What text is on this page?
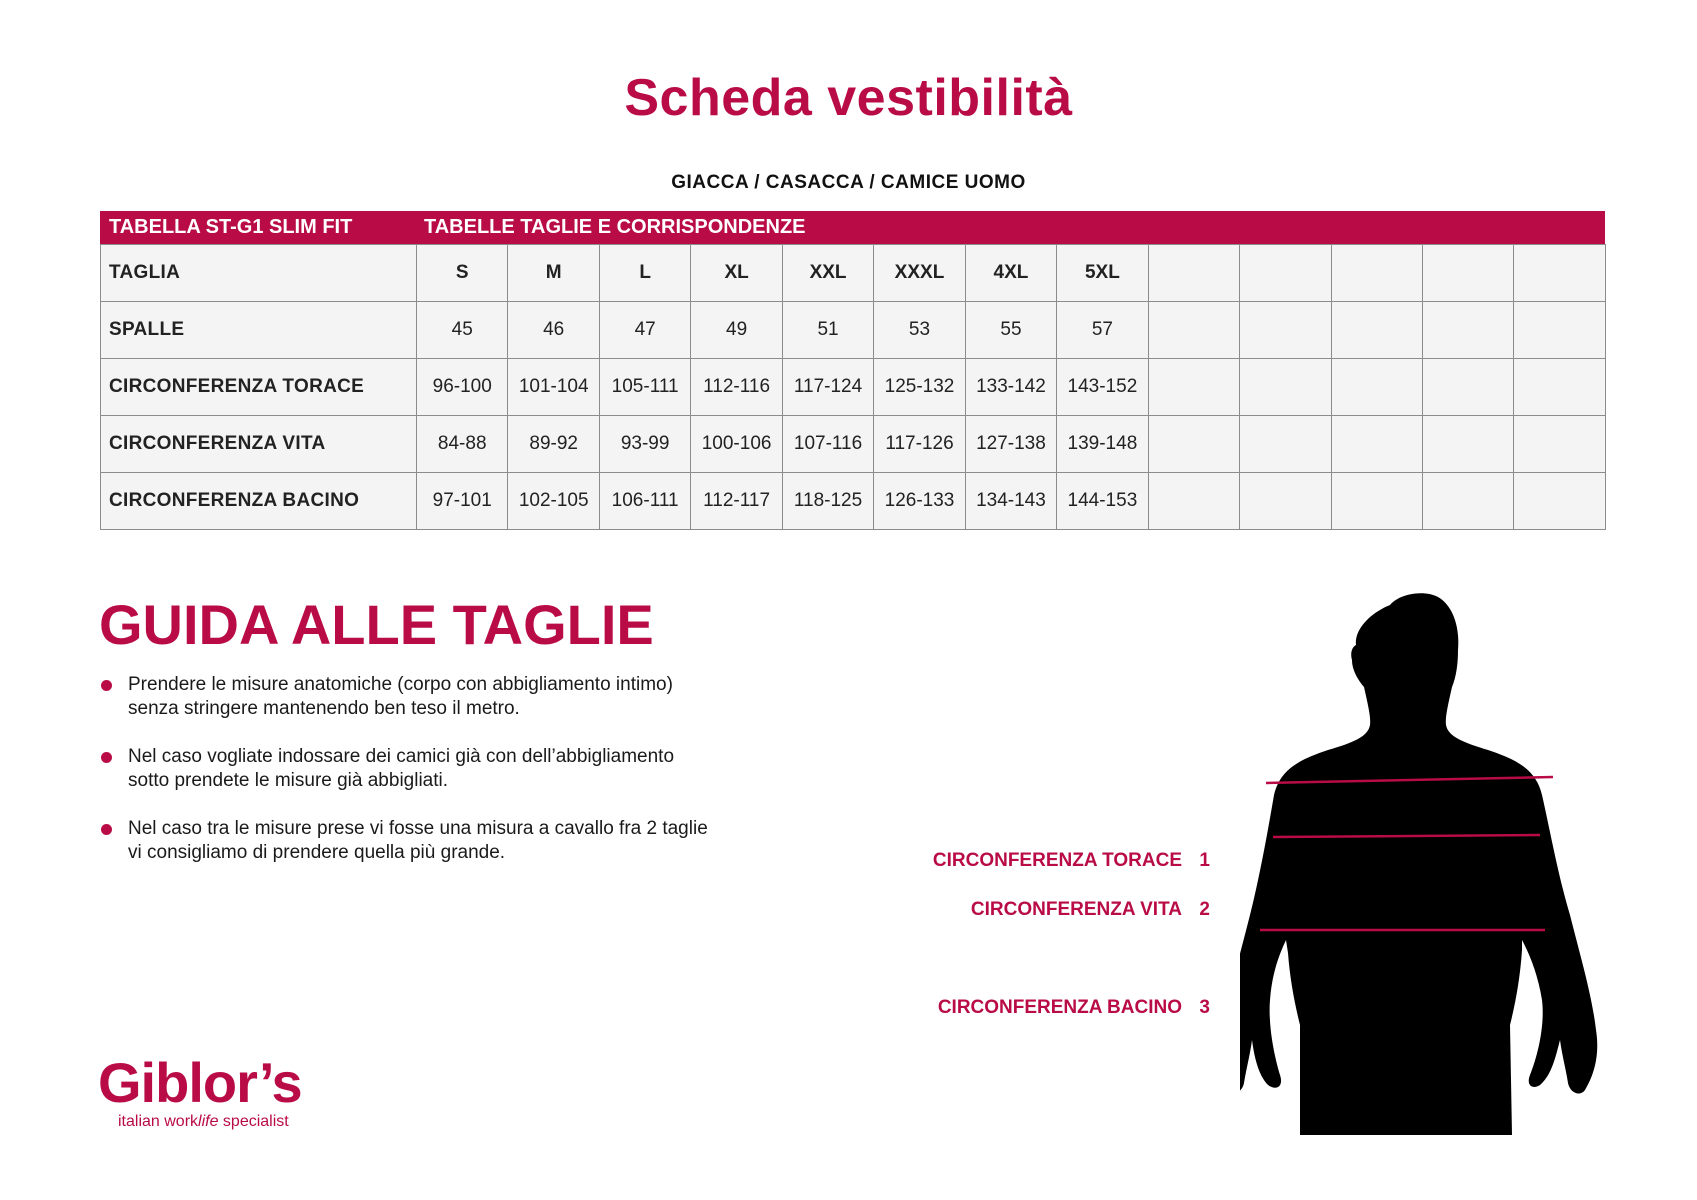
Scheda vestibilità
GIACCA / CASACCA / CAMICE UOMO
TABELLA ST-G1 SLIM FIT	TABELLE TAGLIE E CORRISPONDENZE
TAGLIA	S	M	L	XL	XXL	XXXL	4XL	5XL					
SPALLE	45	46	47	49	51	53	55	57					
CIRCONFERENZA TORACE	96-100	101-104	105-111	112-116	117-124	125-132	133-142	143-152					
CIRCONFERENZA VITA	84-88	89-92	93-99	100-106	107-116	117-126	127-138	139-148					
CIRCONFERENZA BACINO	97-101	102-105	106-111	112-117	118-125	126-133	134-143	144-153					
GUIDA ALLE TAGLIE
Prendere le misure anatomiche (corpo con abbigliamento intimo)
senza stringere mantenendo ben teso il metro.
Nel caso vogliate indossare dei camici già con dell’abbigliamento
sotto prendete le misure già abbigliati.
Nel caso tra le misure prese vi fosse una misura a cavallo fra 2 taglie
vi consigliamo di prendere quella più grande.	CIRCONFERENZA TORACE 1
CIRCONFERENZA VITA 2
CIRCONFERENZA BACINO 3
Giblor’s
italian worklife specialist
